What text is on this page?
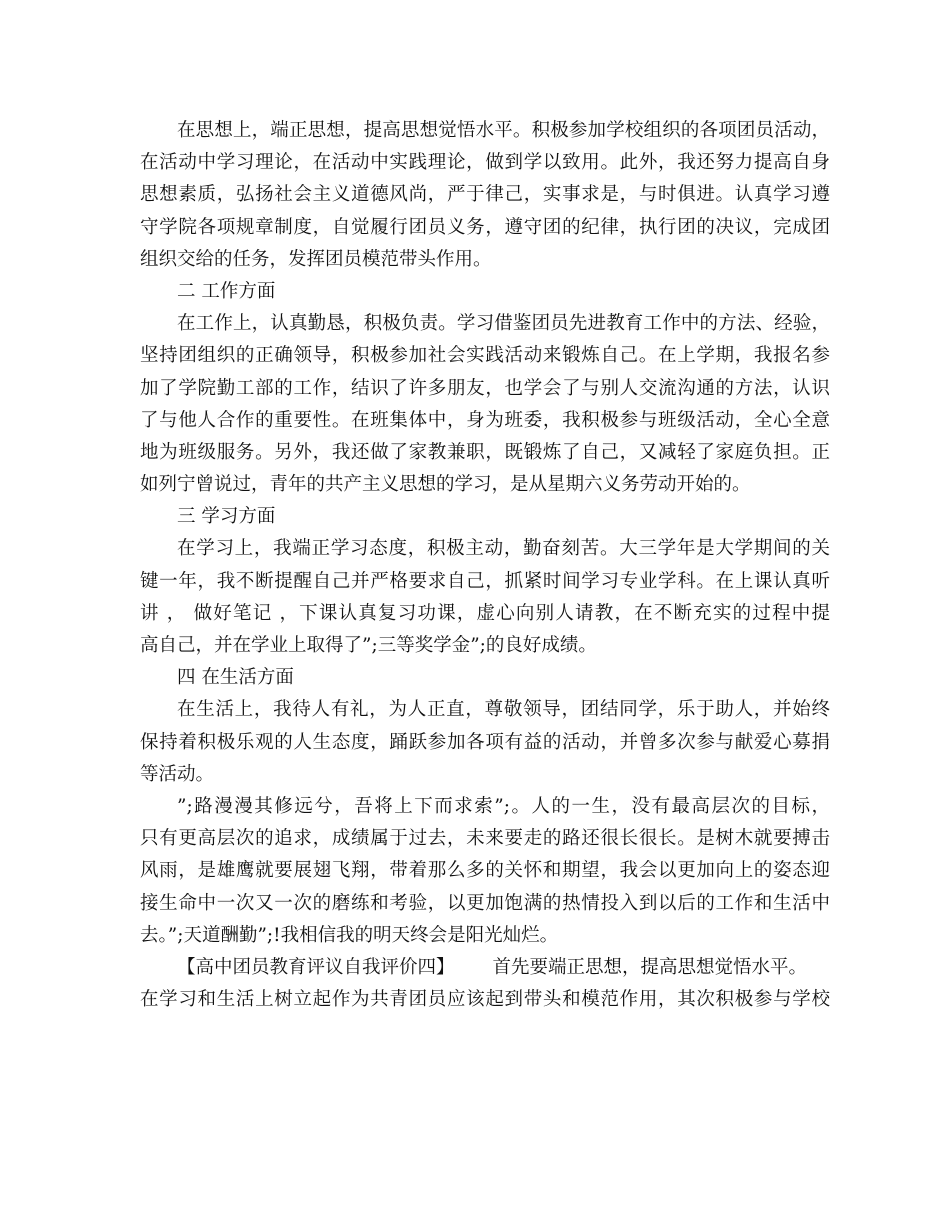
在思想上，端正思想，提高思想觉悟水平。积极参加学校组织的各项团员活动，
在活动中学习理论，在活动中实践理论，做到学以致用。此外，我还努力提高自身
思想素质，弘扬社会主义道德风尚，严于律己，实事求是，与时俱进。认真学习遵
守学院各项规章制度，自觉履行团员义务，遵守团的纪律，执行团的决议，完成团
组织交给的任务，发挥团员模范带头作用。
二 工作方面
在工作上，认真勤恳，积极负责。学习借鉴团员先进教育工作中的方法、经验，
坚持团组织的正确领导，积极参加社会实践活动来锻炼自己。在上学期，我报名参
加了学院勤工部的工作，结识了许多朋友，也学会了与别人交流沟通的方法，认识
了与他人合作的重要性。在班集体中，身为班委，我积极参与班级活动，全心全意
地为班级服务。另外，我还做了家教兼职，既锻炼了自己，又减轻了家庭负担。正
如列宁曾说过，青年的共产主义思想的学习，是从星期六义务劳动开始的。
三 学习方面
在学习上，我端正学习态度，积极主动，勤奋刻苦。大三学年是大学期间的关
键一年，我不断提醒自己并严格要求自己，抓紧时间学习专业学科。在上课认真听
讲 ， 做好笔记 ，下课认真复习功课，虚心向别人请教，在不断充实的过程中提
高自己，并在学业上取得了”;三等奖学金”;的良好成绩。
四 在生活方面
在生活上，我待人有礼，为人正直，尊敬领导，团结同学，乐于助人，并始终
保持着积极乐观的人生态度，踊跃参加各项有益的活动，并曾多次参与献爱心募捐
等活动。
”;路漫漫其修远兮，吾将上下而求索”;。人的一生，没有最高层次的目标，
只有更高层次的追求，成绩属于过去，未来要走的路还很长很长。是树木就要搏击
风雨，是雄鹰就要展翅飞翔，带着那么多的关怀和期望，我会以更加向上的姿态迎
接生命中一次又一次的磨练和考验，以更加饱满的热情投入到以后的工作和生活中
去。”;天道酬勤”;!我相信我的明天终会是阳光灿烂。
【高中团员教育评议自我评价四】 首先要端正思想，提高思想觉悟水平。
在学习和生活上树立起作为共青团员应该起到带头和模范作用，其次积极参与学校
